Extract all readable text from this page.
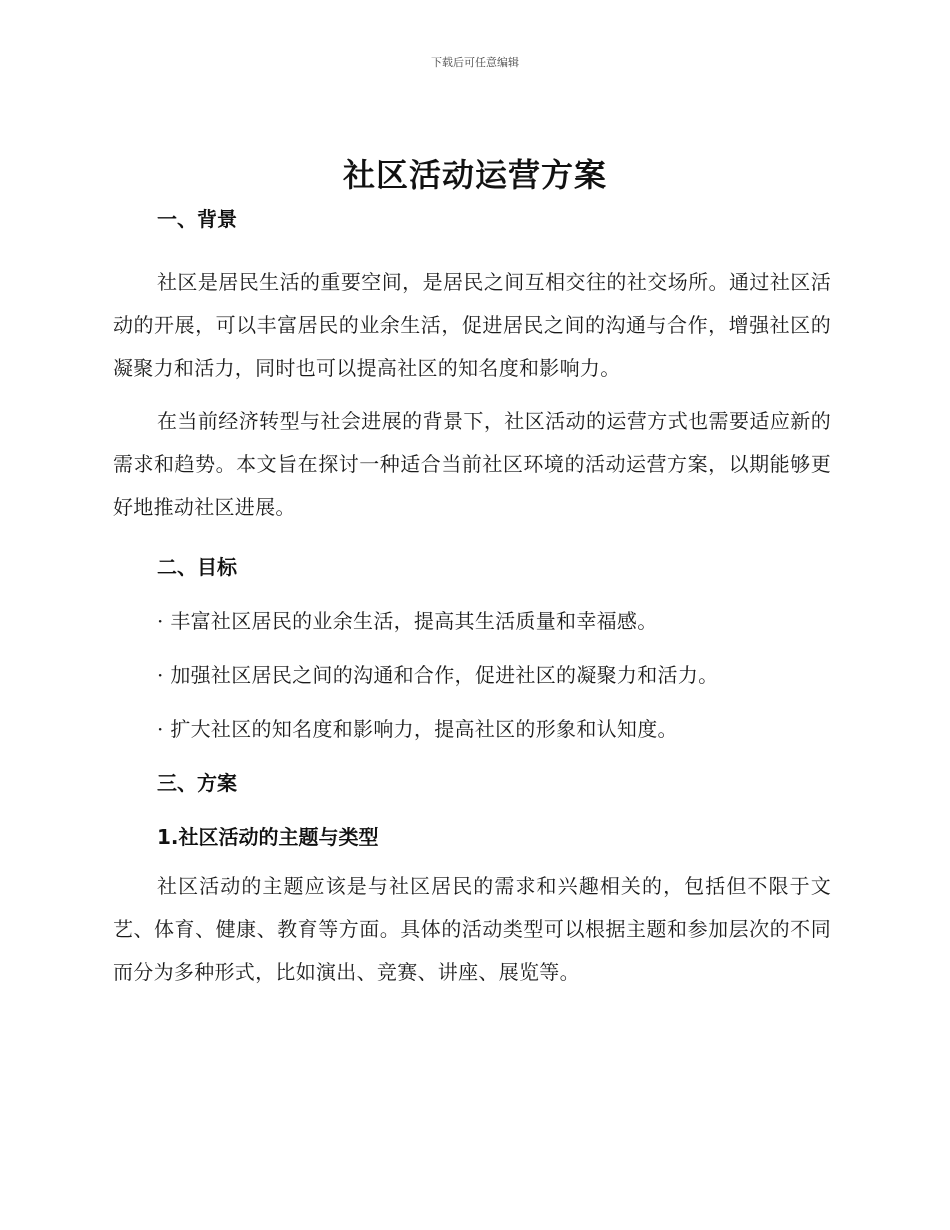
下载后可任意编辑
社区活动运营方案
一、背景

社区是居民生活的重要空间，是居民之间互相交往的社交场所。通过社区活动的开展，可以丰富居民的业余生活，促进居民之间的沟通与合作，增强社区的凝聚力和活力，同时也可以提高社区的知名度和影响力。

在当前经济转型与社会进展的背景下，社区活动的运营方式也需要适应新的需求和趋势。本文旨在探讨一种适合当前社区环境的活动运营方案，以期能够更好地推动社区进展。

二、目标

· 丰富社区居民的业余生活，提高其生活质量和幸福感。

· 加强社区居民之间的沟通和合作，促进社区的凝聚力和活力。

· 扩大社区的知名度和影响力，提高社区的形象和认知度。

三、方案
1.社区活动的主题与类型

社区活动的主题应该是与社区居民的需求和兴趣相关的，包括但不限于文艺、体育、健康、教育等方面。具体的活动类型可以根据主题和参加层次的不同而分为多种形式，比如演出、竞赛、讲座、展览等。
